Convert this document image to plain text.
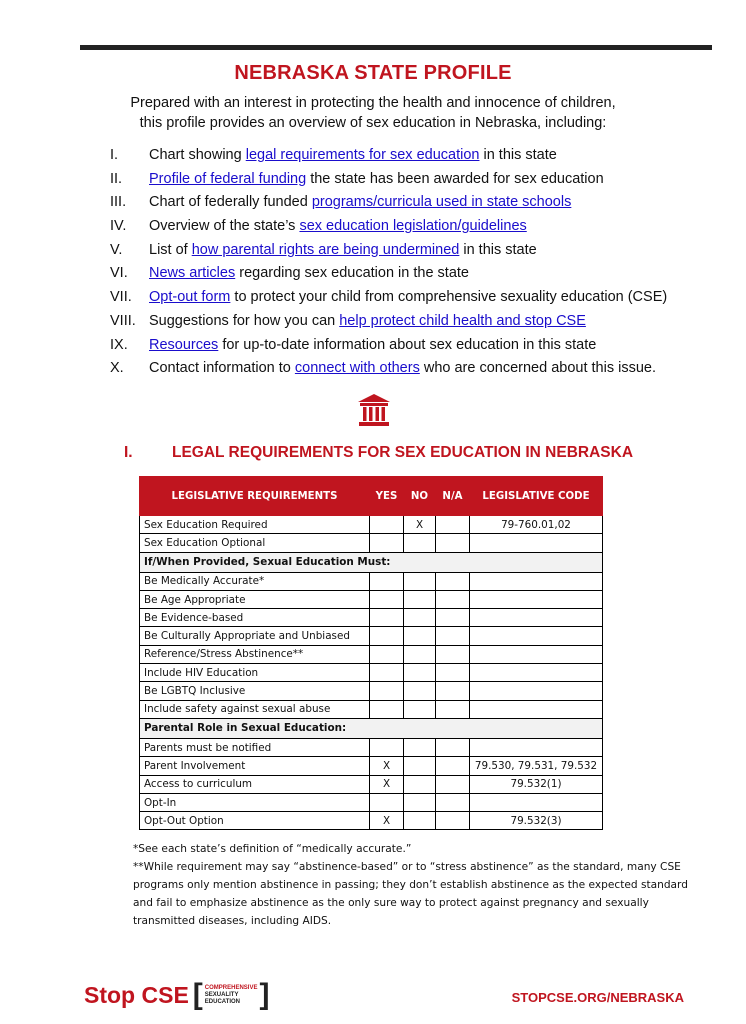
NEBRASKA STATE PROFILE
Prepared with an interest in protecting the health and innocence of children,
this profile provides an overview of sex education in Nebraska, including:
I. Chart showing legal requirements for sex education in this state
II. Profile of federal funding the state has been awarded for sex education
III. Chart of federally funded programs/curricula used in state schools
IV. Overview of the state’s sex education legislation/guidelines
V. List of how parental rights are being undermined in this state
VI. News articles regarding sex education in the state
VII. Opt-out form to protect your child from comprehensive sexuality education (CSE)
VIII. Suggestions for how you can help protect child health and stop CSE
IX. Resources for up-to-date information about sex education in this state
X. Contact information to connect with others who are concerned about this issue.
I.	LEGAL REQUIREMENTS FOR SEX EDUCATION IN NEBRASKA
LEGISLATIVE REQUIREMENTS	YES	NO	N/A	LEGISLATIVE CODE
Sex Education Required		X		79-760.01,02
Sex Education Optional				
If/When Provided, Sexual Education Must:				
Be Medically Accurate*				
Be Age Appropriate				
Be Evidence-based				
Be Culturally Appropriate and Unbiased				
Reference/Stress Abstinence**				
Include HIV Education				
Be LGBTQ Inclusive				
Include safety against sexual abuse				
Parental Role in Sexual Education:				
Parents must be notified				
Parent Involvement	X			79.530, 79.531, 79.532
Access to curriculum	X			79.532(1)
Opt-In				
Opt-Out Option	X			79.532(3)

*See each state’s definition of “medically accurate.”

**While requirement may say “abstinence-based” or to “stress abstinence” as the standard, many CSE programs only mention abstinence in passing; they don’t establish abstinence as the expected standard and fail to emphasize abstinence as the only sure way to protect against pregnancy and sexually transmitted diseases, including AIDS.

Stop CSE [ COMPREHENSIVE
SEXUALITY
EDUCATION ]	STOPCSE.ORG/NEBRASKA
